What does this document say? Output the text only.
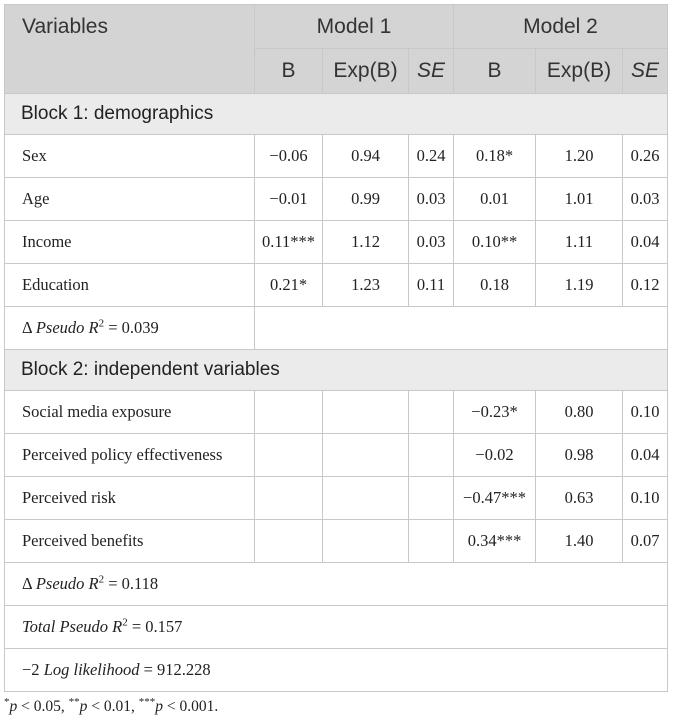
Variables	Model 1			Model 2		
	B	Exp(B)	SE	B	Exp(B)	SE
Block 1: demographics						
Sex	−0.06	0.94	0.24	0.18*	1.20	0.26
Age	−0.01	0.99	0.03	0.01	1.01	0.03
Income	0.11***	1.12	0.03	0.10**	1.11	0.04
Education	0.21*	1.23	0.11	0.18	1.19	0.12
Δ Pseudo $R^2 = 0.039$						
Block 2: independent variables						
Social media exposure				−0.23*	0.80	0.10
Perceived policy effectiveness				−0.02	0.98	0.04
Perceived risk				−0.47***	0.63	0.10
Perceived benefits				0.34***	1.40	0.07
Δ Pseudo $R^2 = 0.118$						
Total Pseudo $R^2 = 0.157$						
−2 Log likelihood = 912.228						
*p < 0.05, **p < 0.01, ***p < 0.001.
